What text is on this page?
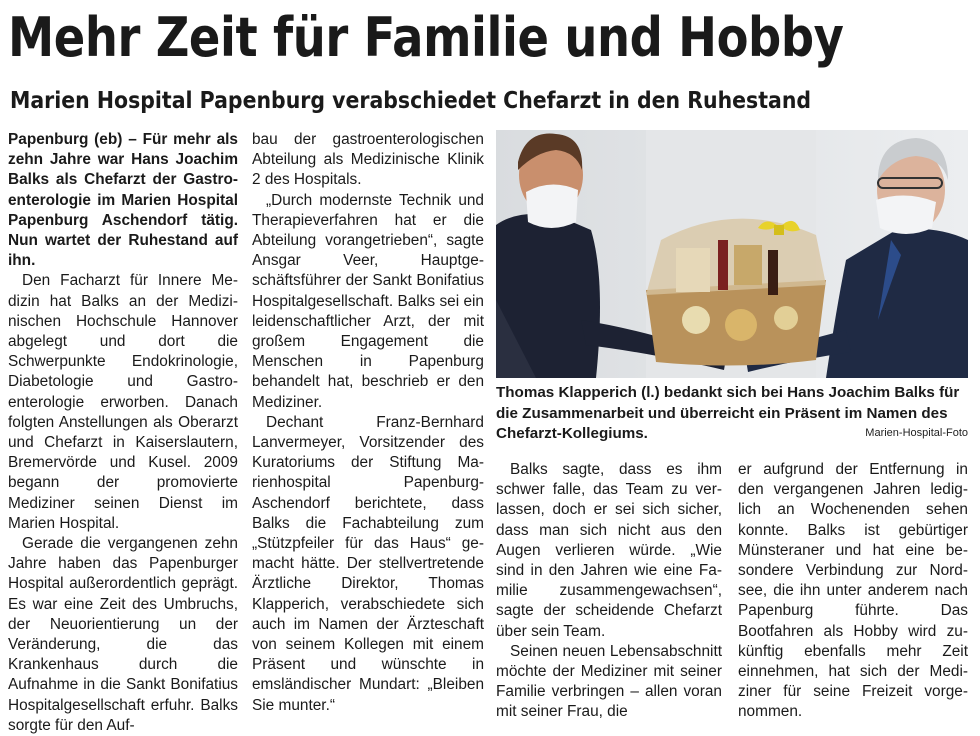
Mehr Zeit für Familie und Hobby
Marien Hospital Papenburg verabschiedet Chefarzt in den Ruhestand

Papenburg (eb) – Für mehr als zehn Jahre war Hans Joachim Balks als Chefarzt der Gastroenterologie im Marien Hospital Papenburg Aschendorf tätig. Nun wartet der Ruhestand auf ihn.

Den Facharzt für Innere Medizin hat Balks an der Medizinischen Hochschule Hannover abgelegt und dort die Schwerpunkte Endokrinologie, Diabetologie und Gastroenterologie erworben. Danach folgten Anstellungen als Oberarzt und Chefarzt in Kaiserslautern, Bremervörde und Kusel. 2009 begann der promovierte Mediziner seinen Dienst im Marien Hospital.

Gerade die vergangenen zehn Jahre haben das Papenburger Hospital außerordentlich geprägt. Es war eine Zeit des Umbruchs, der Neuorientierung un der Veränderung, die das Krankenhaus durch die Aufnahme in die Sankt Bonifatius Hospitalgesellschaft erfuhr. Balks sorgte für den Auf-

bau der gastroenterologischen Abteilung als Medizinische Klinik 2 des Hospitals.

„Durch modernste Technik und Therapieverfahren hat er die Abteilung vorangetrieben“, sagte Ansgar Veer, Hauptgeschäftsführer der Sankt Bonifatius Hospitalgesellschaft. Balks sei ein leidenschaftlicher Arzt, der mit großem Engagement die Menschen in Papenburg behandelt hat, beschrieb er den Mediziner.

Dechant Franz-Bernhard Lanvermeyer, Vorsitzender des Kuratoriums der Stiftung Marienhospital Papenburg-Aschendorf berichtete, dass Balks die Fachabteilung zum „Stützpfeiler für das Haus“ gemacht hätte. Der stellvertretende Ärztliche Direktor, Thomas Klapperich, verabschiedete sich auch im Namen der Ärzteschaft von seinem Kollegen mit einem Präsent und wünschte in emsländischer Mundart: „Bleiben Sie munter.“

Thomas Klapperich (l.) bedankt sich bei Hans Joachim Balks für die Zusammenarbeit und überreicht ein Präsent im Namen des Chefarzt-Kollegiums.	Marien-Hospital-Foto

Balks sagte, dass es ihm schwer falle, das Team zu verlassen, doch er sei sich sicher, dass man sich nicht aus den Augen verlieren würde. „Wie sind in den Jahren wie eine Familie zusammengewachsen“, sagte der scheidende Chefarzt über sein Team.

Seinen neuen Lebensabschnitt möchte der Mediziner mit seiner Familie verbringen – allen voran mit seiner Frau, die

er aufgrund der Entfernung in den vergangenen Jahren lediglich an Wochenenden sehen konnte. Balks ist gebürtiger Münsteraner und hat eine besondere Verbindung zur Nordsee, die ihn unter anderem nach Papenburg führte. Das Bootfahren als Hobby wird zukünftig ebenfalls mehr Zeit einnehmen, hat sich der Mediziner für seine Freizeit vorgenommen.
